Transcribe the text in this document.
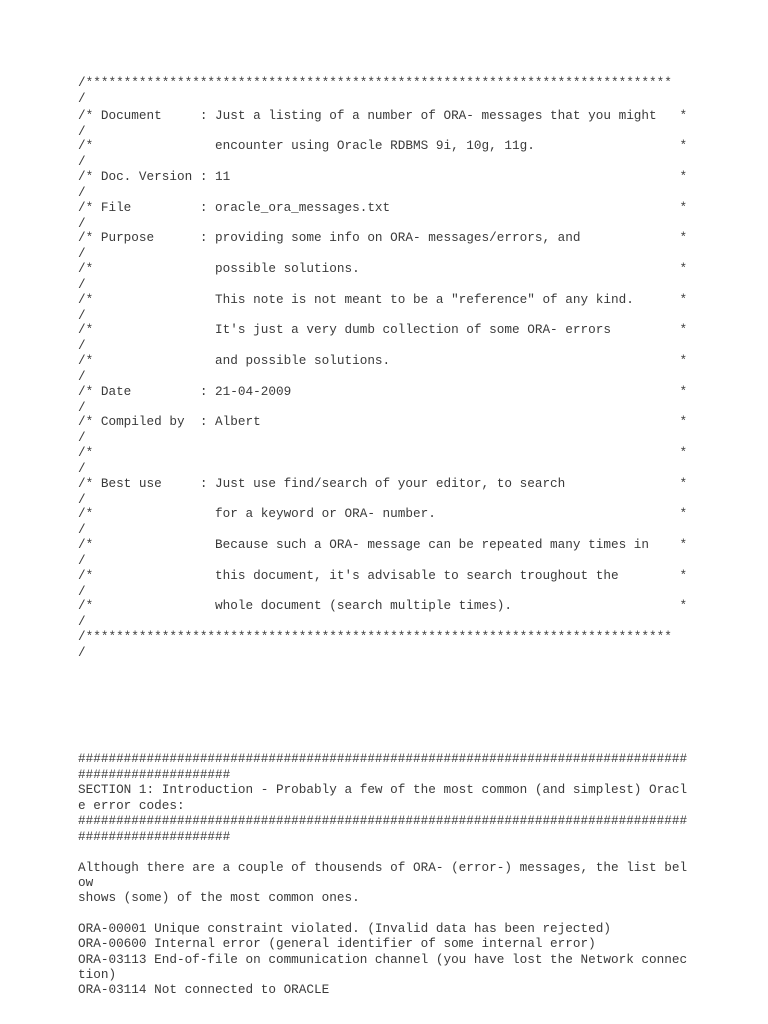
/*****************************************************************************

/

/* Document     : Just a listing of a number of ORA- messages that you might   *

/

/*                encounter using Oracle RDBMS 9i, 10g, 11g.                   *

/

/* Doc. Version : 11                                                           *

/

/* File         : oracle_ora_messages.txt                                      *

/

/* Purpose      : providing some info on ORA- messages/errors, and             *

/

/*                possible solutions.                                          *

/

/*                This note is not meant to be a "reference" of any kind.      *

/

/*                It's just a very dumb collection of some ORA- errors         *

/

/*                and possible solutions.                                      *

/

/* Date         : 21-04-2009                                                   *

/

/* Compiled by  : Albert                                                       *

/

/*                                                                             *

/

/* Best use     : Just use find/search of your editor, to search               *

/

/*                for a keyword or ORA- number.                                *

/

/*                Because such a ORA- message can be repeated many times in    *

/

/*                this document, it's advisable to search troughout the        *

/

/*                whole document (search multiple times).                      *

/

/*****************************************************************************

/

################################################################################

####################

SECTION 1: Introduction - Probably a few of the most common (and simplest) Oracl

e error codes:

################################################################################

####################

Although there are a couple of thousends of ORA- (error-) messages, the list bel

ow

shows (some) of the most common ones.

ORA-00001 Unique constraint violated. (Invalid data has been rejected)

ORA-00600 Internal error (general identifier of some internal error)

ORA-03113 End-of-file on communication channel (you have lost the Network connec

tion)

ORA-03114 Not connected to ORACLE
